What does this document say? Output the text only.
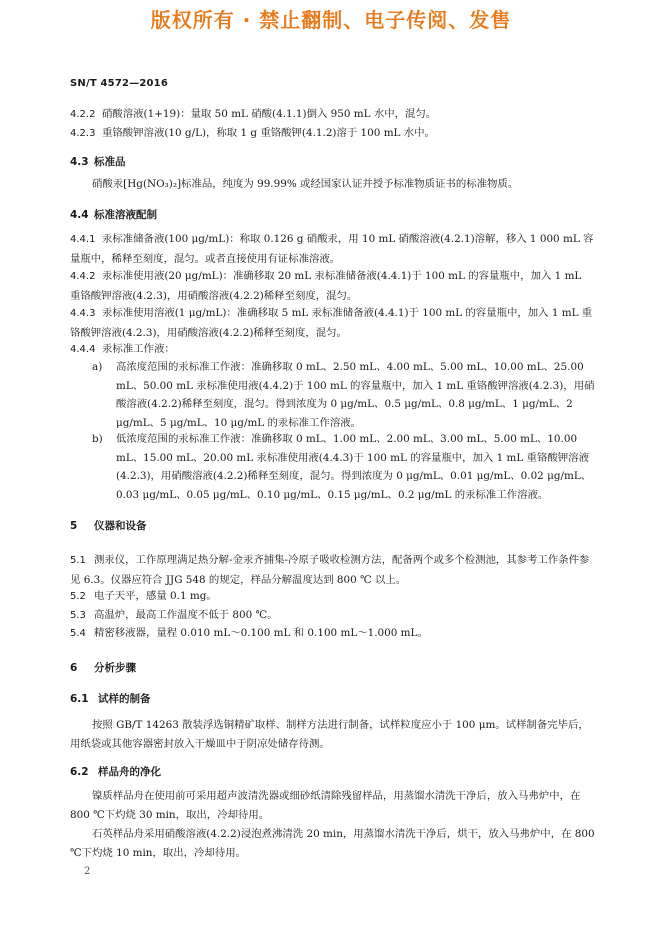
版权所有 · 禁止翻制、电子传阅、发售
SN/T 4572—2016
4.2.2 硝酸溶液(1+19)：量取 50 mL 硝酸(4.1.1)倒入 950 mL 水中，混匀。
4.2.3 重铬酸钾溶液(10 g/L)，称取 1 g 重铬酸钾(4.1.2)溶于 100 mL 水中。
4.3 标准品
硝酸汞[Hg(NO₃)₂]标准品，纯度为 99.99% 或经国家认证并授予标准物质证书的标准物质。
4.4 标准溶液配制
4.4.1 汞标准储备液(100 μg/mL)：称取 0.126 g 硝酸汞，用 10 mL 硝酸溶液(4.2.1)溶解，移入 1 000 mL 容量瓶中，稀释至刻度，混匀。或者直接使用有证标准溶液。
4.4.2 汞标准使用液(20 μg/mL)：准确移取 20 mL 汞标准储备液(4.4.1)于 100 mL 的容量瓶中，加入 1 mL 重铬酸钾溶液(4.2.3)，用硝酸溶液(4.2.2)稀释至刻度，混匀。
4.4.3 汞标准使用溶液(1 μg/mL)：准确移取 5 mL 汞标准储备液(4.4.1)于 100 mL 的容量瓶中，加入 1 mL 重铬酸钾溶液(4.2.3)，用硝酸溶液(4.2.2)稀释至刻度，混匀。
4.4.4 汞标准工作液：
a) 高浓度范围的汞标准工作液：准确移取 0 mL、2.50 mL、4.00 mL、5.00 mL、10.00 mL、25.00 mL、50.00 mL 汞标准使用液(4.4.2)于 100 mL 的容量瓶中，加入 1 mL 重铬酸钾溶液(4.2.3)，用硝酸溶液(4.2.2)稀释至刻度，混匀。得到浓度为 0 μg/mL、0.5 μg/mL、0.8 μg/mL、1 μg/mL、2 μg/mL、5 μg/mL、10 μg/mL 的汞标准工作溶液。
b) 低浓度范围的汞标准工作液：准确移取 0 mL、1.00 mL、2.00 mL、3.00 mL、5.00 mL、10.00 mL、15.00 mL、20.00 mL 汞标准使用液(4.4.3)于 100 mL 的容量瓶中，加入 1 mL 重铬酸钾溶液(4.2.3)，用硝酸溶液(4.2.2)稀释至刻度，混匀。得到浓度为 0 μg/mL、0.01 μg/mL、0.02 μg/mL、0.03 μg/mL、0.05 μg/mL、0.10 μg/mL、0.15 μg/mL、0.2 μg/mL 的汞标准工作溶液。
5 仪器和设备
5.1 测汞仪，工作原理满足热分解-金汞齐捕集-冷原子吸收检测方法，配备两个或多个检测池，其参考工作条件参见 6.3。仪器应符合 JJG 548 的规定，样品分解温度达到 800 ℃ 以上。
5.2 电子天平，感量 0.1 mg。
5.3 高温炉，最高工作温度不低于 800 ℃。
5.4 精密移液器，量程 0.010 mL～0.100 mL 和 0.100 mL～1.000 mL。
6 分析步骤
6.1 试样的制备
按照 GB/T 14263 散装浮选铜精矿取样、制样方法进行制备，试样粒度应小于 100 μm。试样制备完毕后，用纸袋或其他容器密封放入干燥皿中于阴凉处储存待测。
6.2 样品舟的净化
镍质样品舟在使用前可采用超声波清洗器或细砂纸清除残留样品，用蒸馏水清洗干净后，放入马弗炉中，在 800 ℃下灼烧 30 min，取出，冷却待用。
石英样品舟采用硝酸溶液(4.2.2)浸泡煮沸清洗 20 min，用蒸馏水清洗干净后，烘干，放入马弗炉中，在 800 ℃下灼烧 10 min，取出，冷却待用。
2
